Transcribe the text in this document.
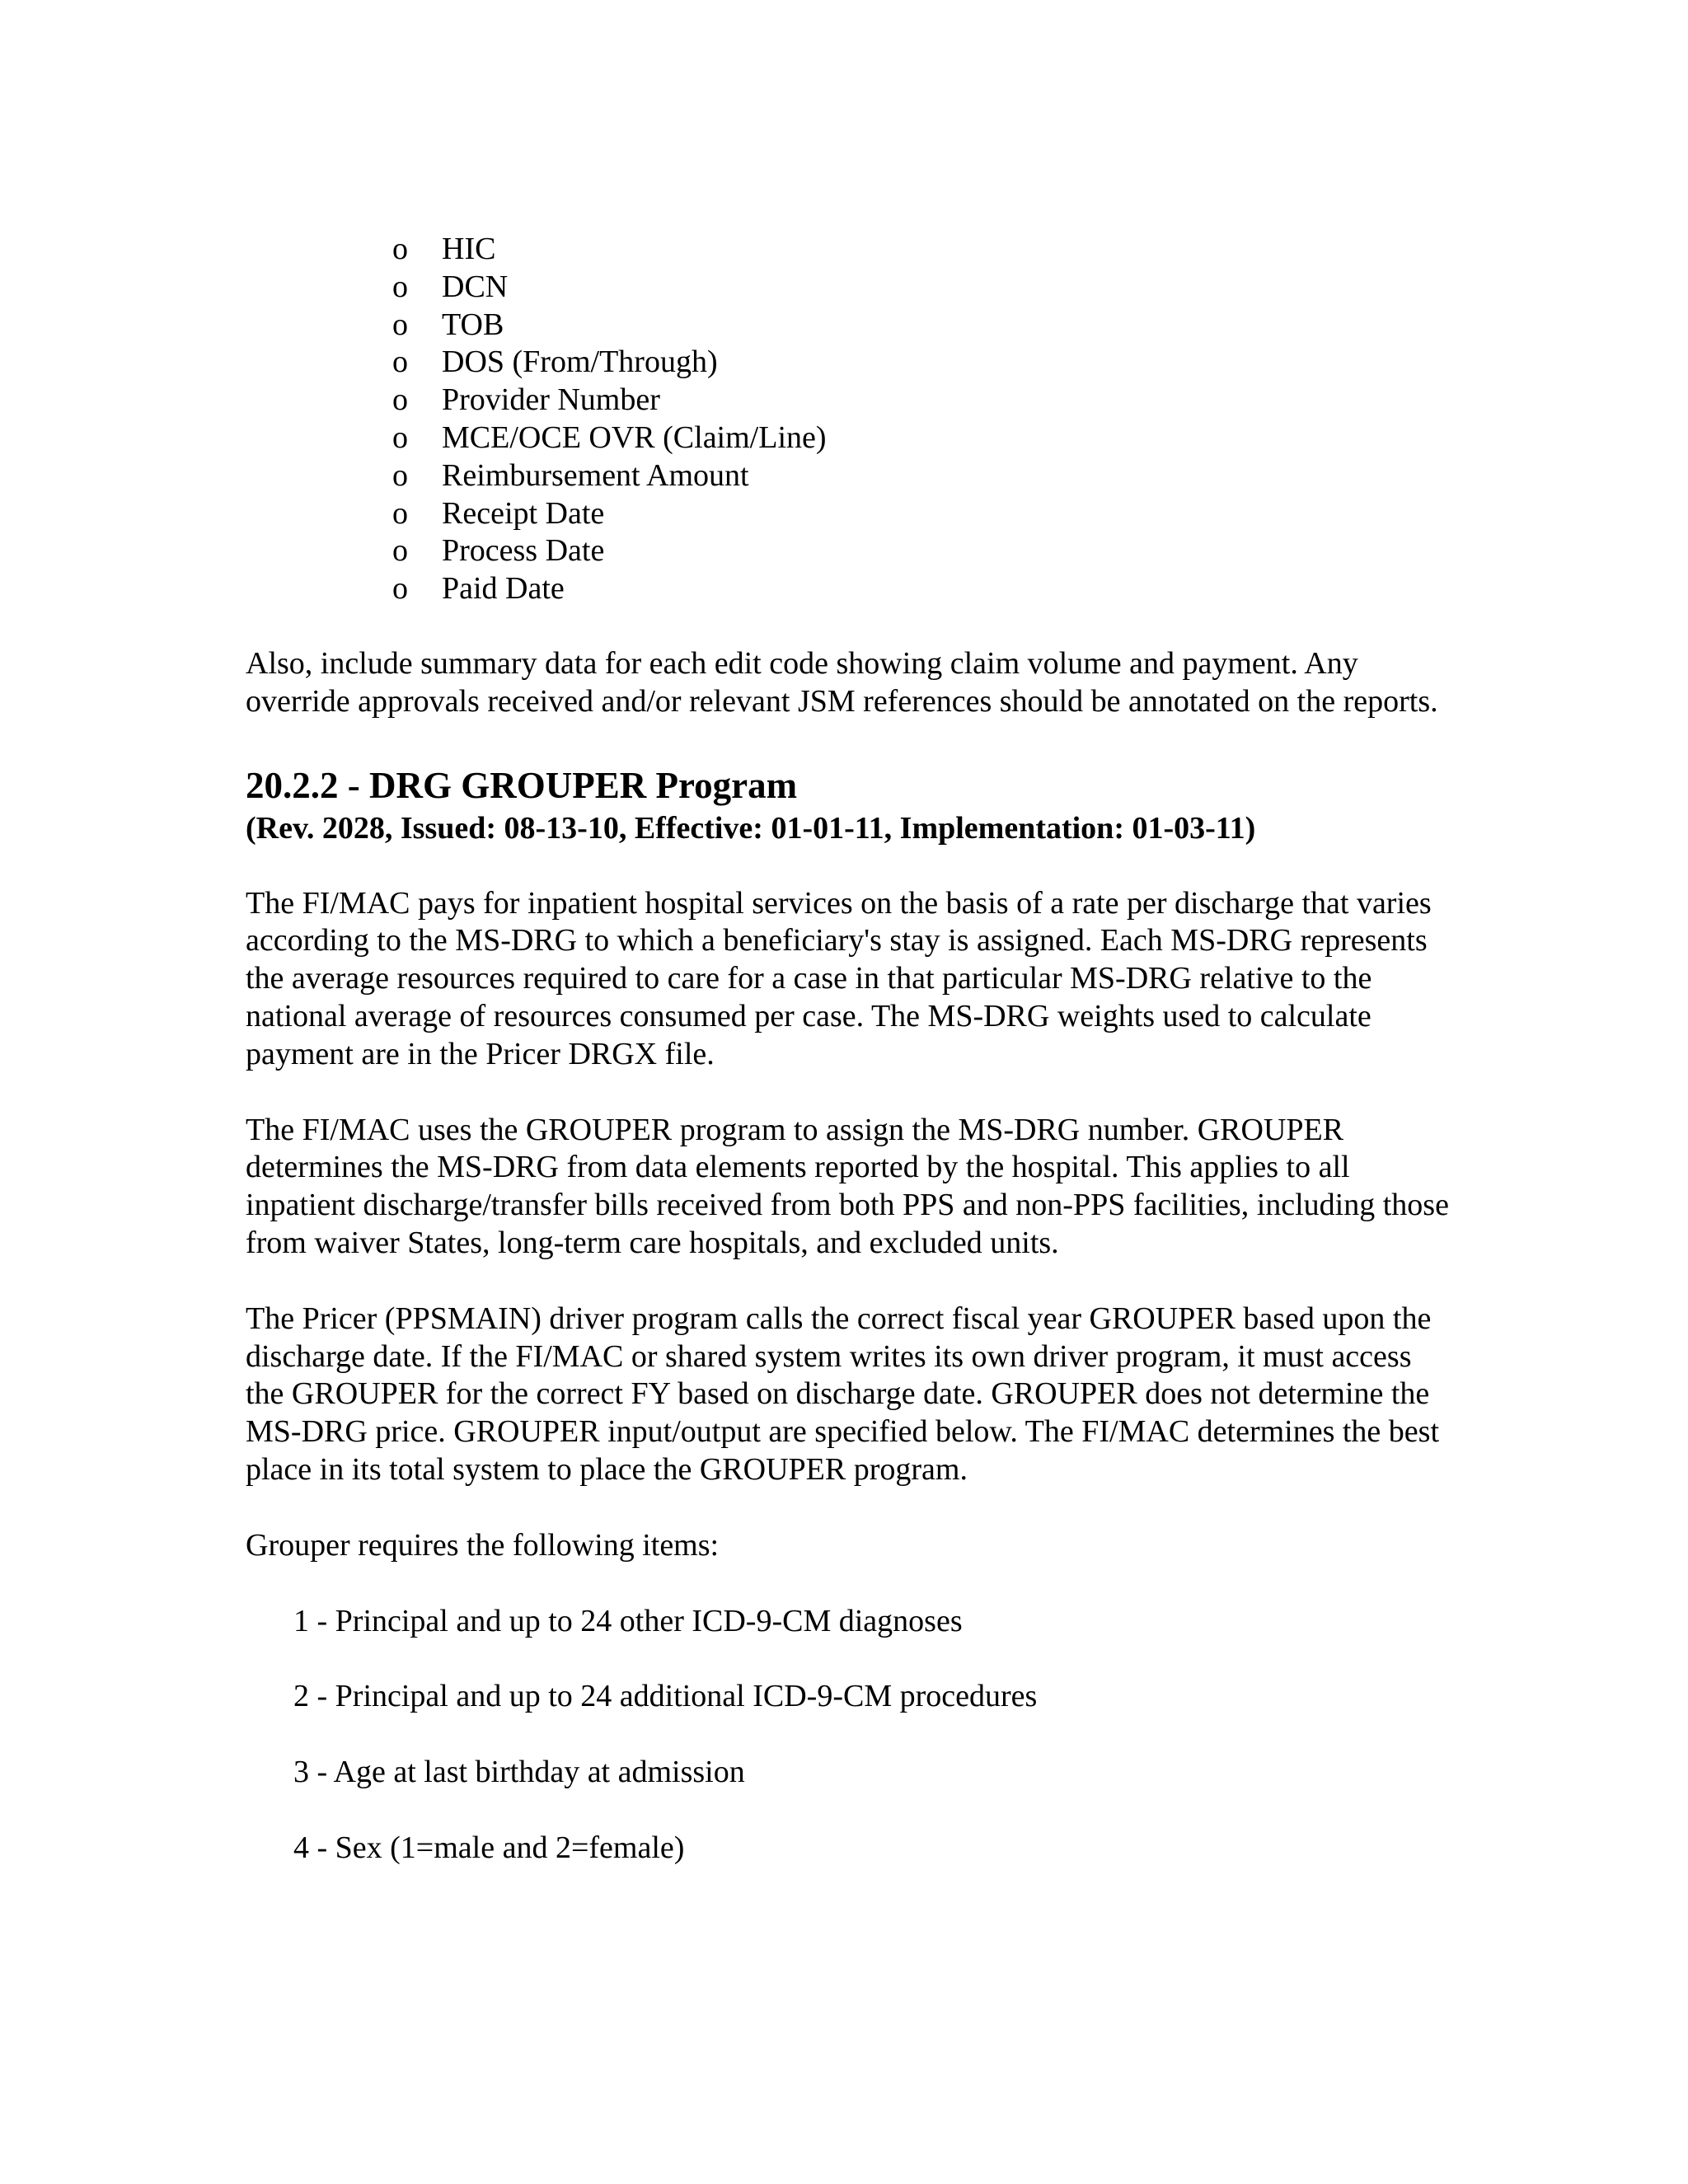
o	HIC
o	DCN
o	TOB
o	DOS (From/Through)
o	Provider Number
o	MCE/OCE OVR (Claim/Line)
o	Reimbursement Amount
o	Receipt Date
o	Process Date
o	Paid Date

Also, include summary data for each edit code showing claim volume and payment. Any override approvals received and/or relevant JSM references should be annotated on the reports.

20.2.2 - DRG GROUPER Program

(Rev. 2028, Issued: 08-13-10, Effective: 01-01-11, Implementation: 01-03-11)

The FI/MAC pays for inpatient hospital services on the basis of a rate per discharge that varies according to the MS-DRG to which a beneficiary's stay is assigned. Each MS-DRG represents the average resources required to care for a case in that particular MS-DRG relative to the national average of resources consumed per case. The MS-DRG weights used to calculate payment are in the Pricer DRGX file.

The FI/MAC uses the GROUPER program to assign the MS-DRG number. GROUPER determines the MS-DRG from data elements reported by the hospital. This applies to all inpatient discharge/transfer bills received from both PPS and non-PPS facilities, including those from waiver States, long-term care hospitals, and excluded units.

The Pricer (PPSMAIN) driver program calls the correct fiscal year GROUPER based upon the discharge date. If the FI/MAC or shared system writes its own driver program, it must access the GROUPER for the correct FY based on discharge date. GROUPER does not determine the MS-DRG price. GROUPER input/output are specified below. The FI/MAC determines the best place in its total system to place the GROUPER program.

Grouper requires the following items:

1 - Principal and up to 24 other ICD-9-CM diagnoses
2 - Principal and up to 24 additional ICD-9-CM procedures
3 - Age at last birthday at admission
4 - Sex (1=male and 2=female)
